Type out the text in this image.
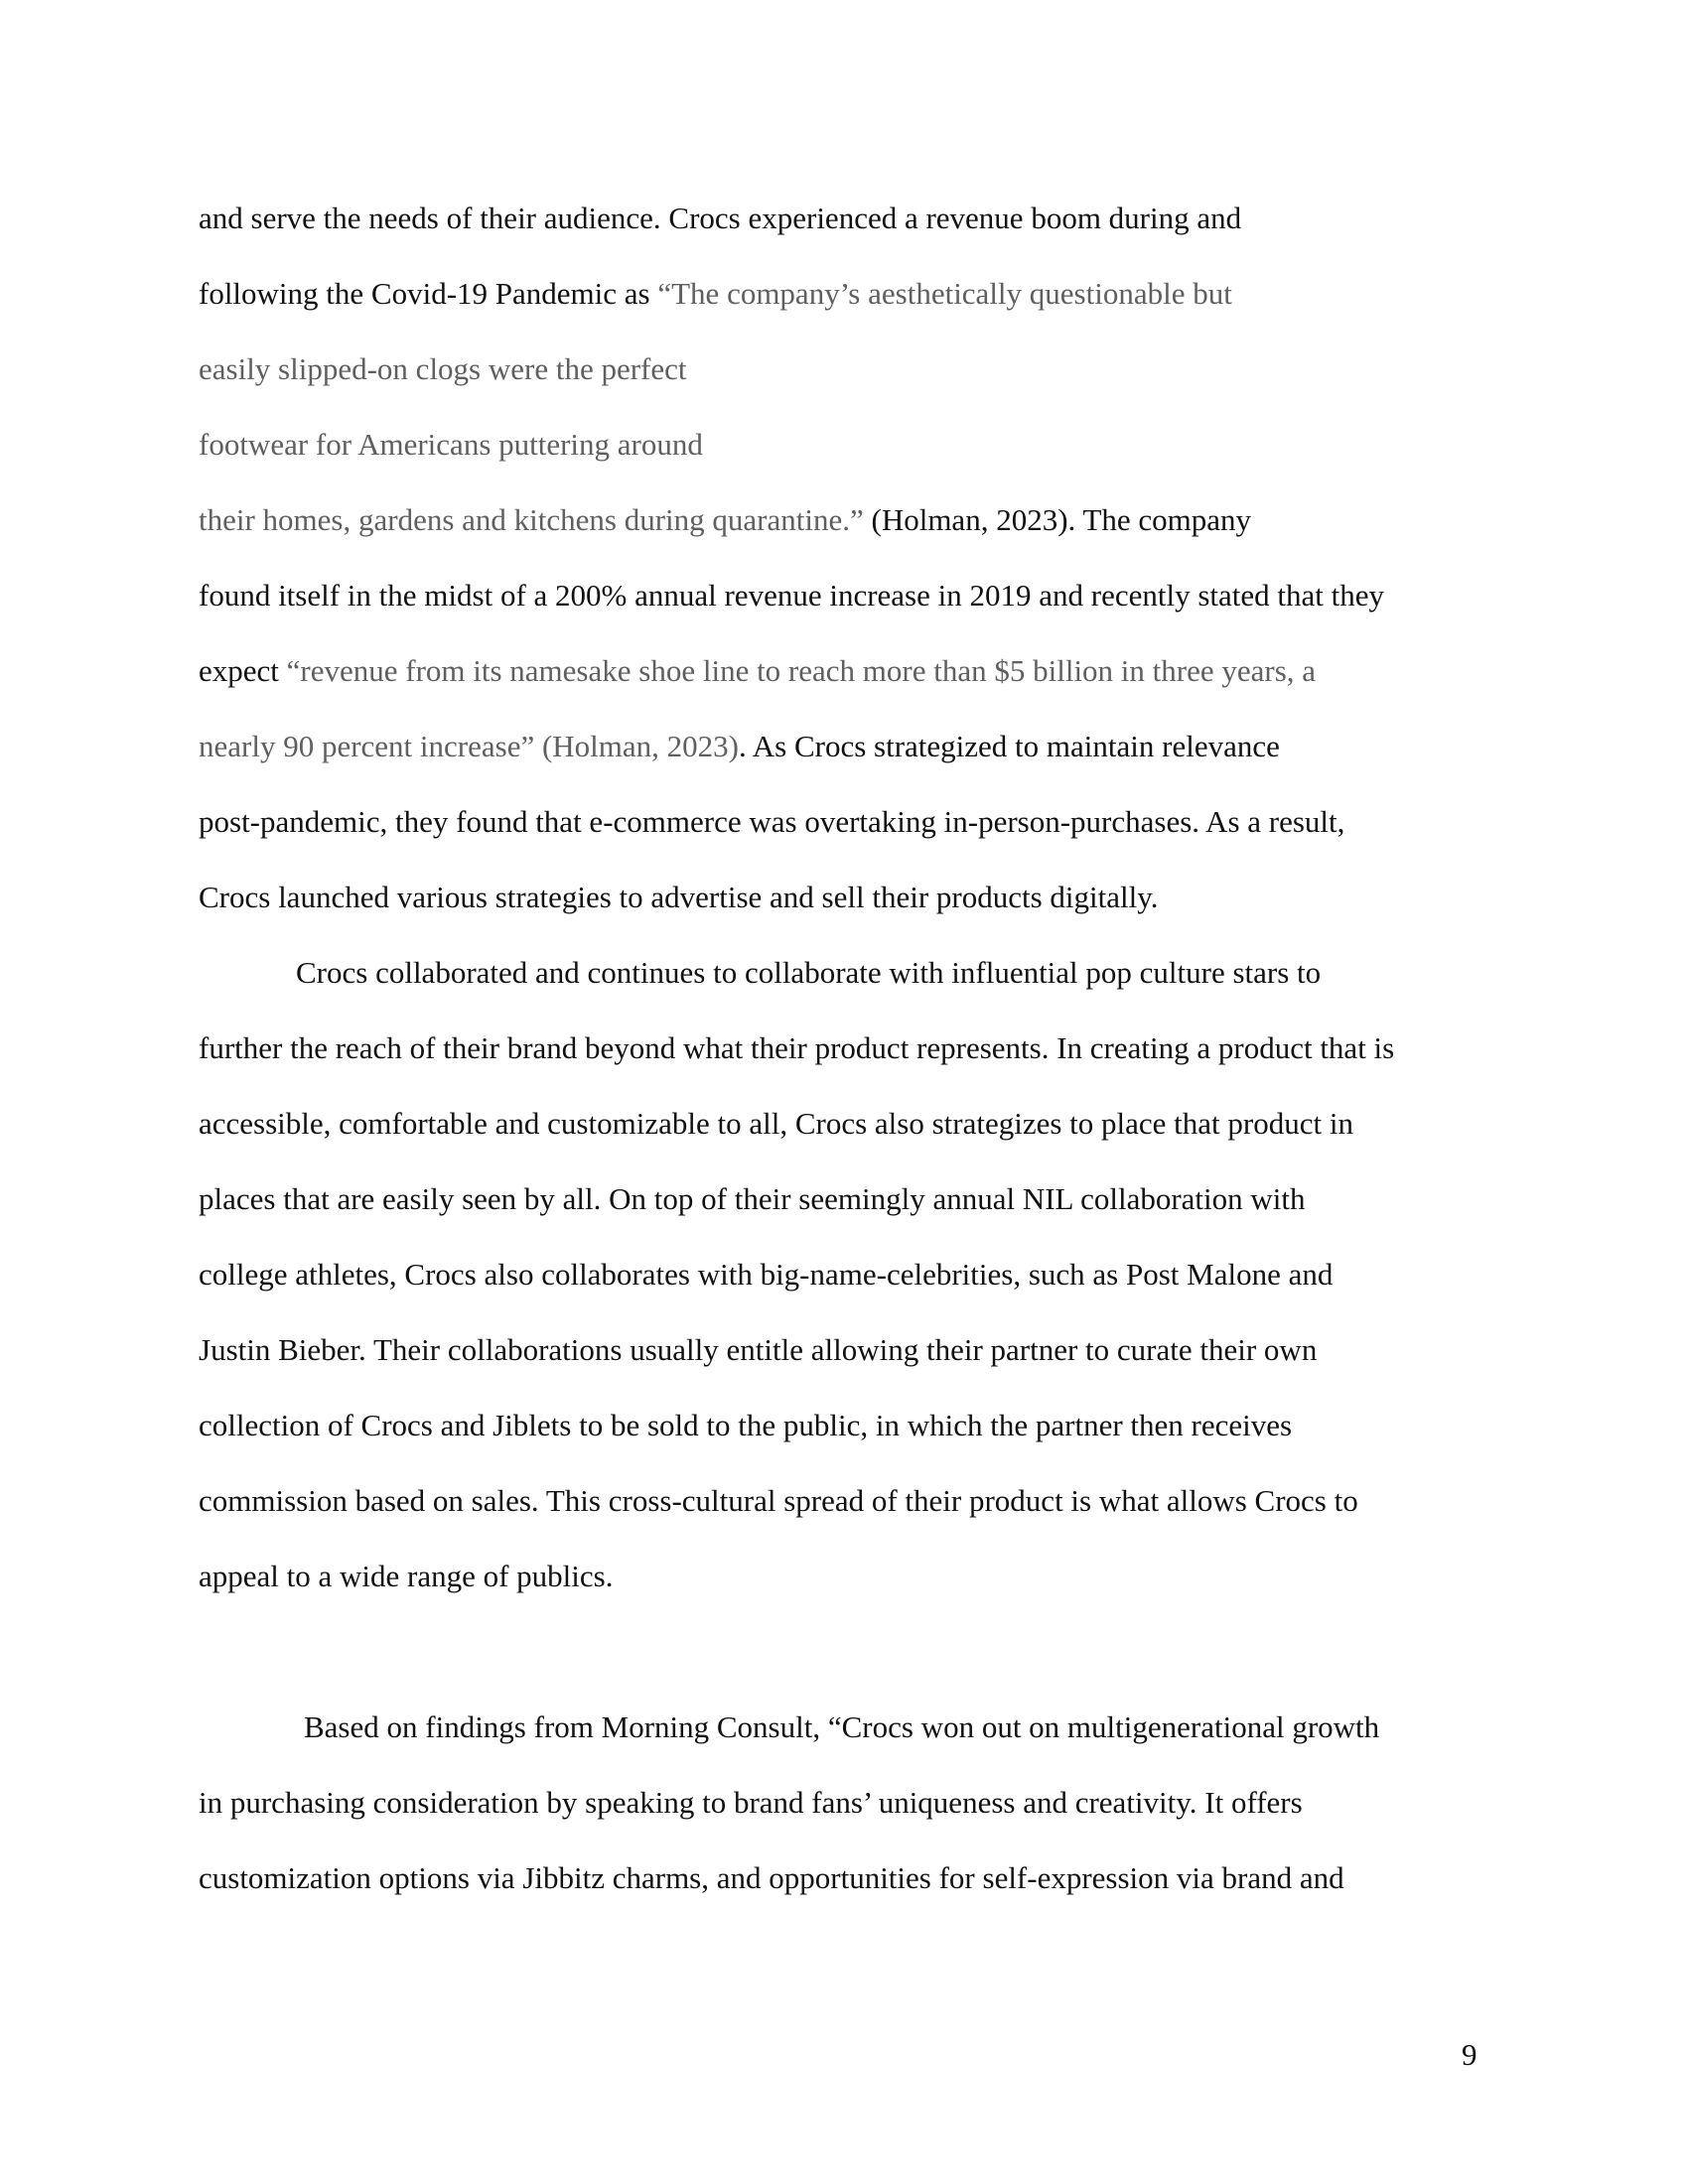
and serve the needs of their audience. Crocs experienced a revenue boom during and
following the Covid-19 Pandemic as “The company’s aesthetically questionable but
easily slipped-on clogs were the perfect
footwear for Americans puttering around
their homes, gardens and kitchens during quarantine.” (Holman, 2023). The company
found itself in the midst of a 200% annual revenue increase in 2019 and recently stated that they
expect “revenue from its namesake shoe line to reach more than $5 billion in three years, a
nearly 90 percent increase” (Holman, 2023). As Crocs strategized to maintain relevance
post-pandemic, they found that e-commerce was overtaking in-person-purchases. As a result,
Crocs launched various strategies to advertise and sell their products digitally.
Crocs collaborated and continues to collaborate with influential pop culture stars to
further the reach of their brand beyond what their product represents. In creating a product that is
accessible, comfortable and customizable to all, Crocs also strategizes to place that product in
places that are easily seen by all. On top of their seemingly annual NIL collaboration with
college athletes, Crocs also collaborates with big-name-celebrities, such as Post Malone and
Justin Bieber. Their collaborations usually entitle allowing their partner to curate their own
collection of Crocs and Jiblets to be sold to the public, in which the partner then receives
commission based on sales. This cross-cultural spread of their product is what allows Crocs to
appeal to a wide range of publics.
Based on findings from Morning Consult, “Crocs won out on multigenerational growth
in purchasing consideration by speaking to brand fans’ uniqueness and creativity. It offers
customization options via Jibbitz charms, and opportunities for self-expression via brand and
9
